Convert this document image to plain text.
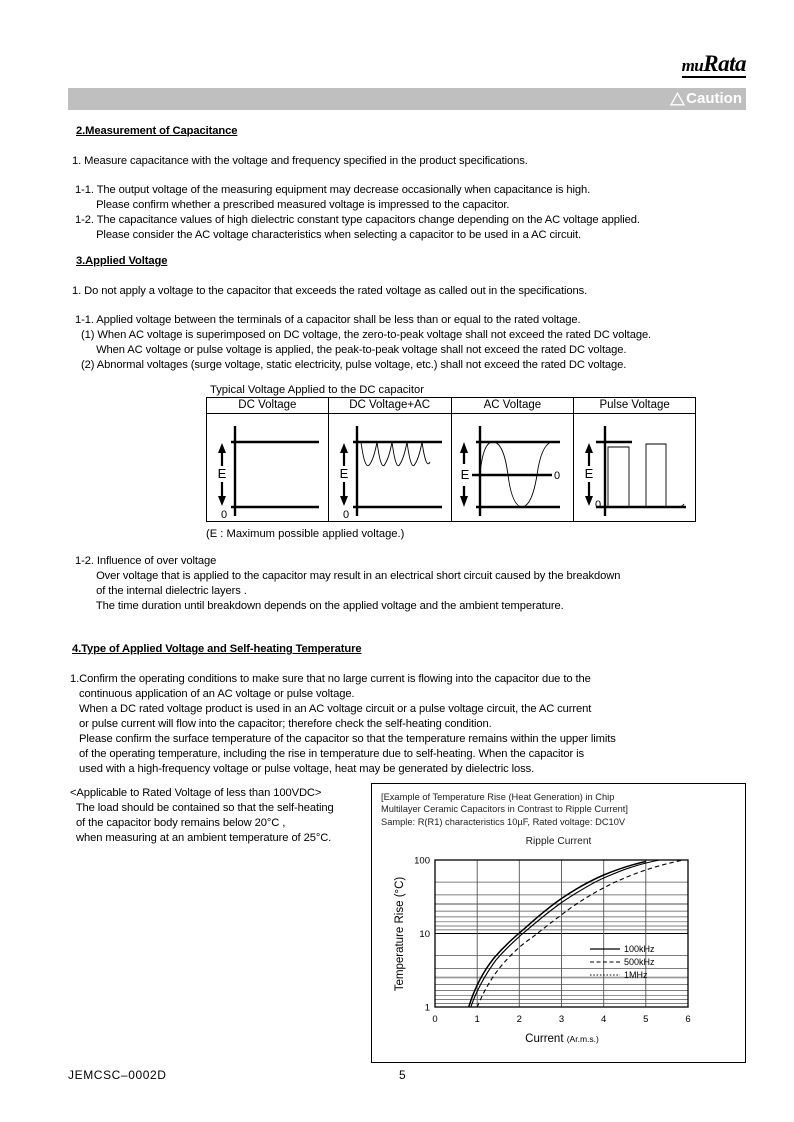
muRata
Caution
2.Measurement of Capacitance
1. Measure capacitance with the voltage and frequency specified in the product specifications.
1-1. The output voltage of the measuring equipment may decrease occasionally when capacitance is high.
Please confirm whether a prescribed measured voltage is impressed to the capacitor.
1-2. The capacitance values of high dielectric constant type capacitors change depending on the AC voltage applied.
Please consider the AC voltage characteristics when selecting a capacitor to be used in a AC circuit.
3.Applied Voltage
1. Do not apply a voltage to the capacitor that exceeds the rated voltage as called out in the specifications.
1-1. Applied voltage between the terminals of a capacitor shall be less than or equal to the rated voltage.
(1) When AC voltage is superimposed on DC voltage, the zero-to-peak voltage shall not exceed the rated DC voltage.
When AC voltage or pulse voltage is applied, the peak-to-peak voltage shall not exceed the rated DC voltage.
(2) Abnormal voltages (surge voltage, static electricity, pulse voltage, etc.) shall not exceed the rated DC voltage.
Typical Voltage Applied to the DC capacitor
DC Voltage	DC Voltage+AC	AC Voltage	Pulse Voltage

E
0	E
0	E 0	E
0
(E : Maximum possible applied voltage.)
1-2. Influence of over voltage
Over voltage that is applied to the capacitor may result in an electrical short circuit caused by the breakdown
of the internal dielectric layers .
The time duration until breakdown depends on the applied voltage and the ambient temperature.
4.Type of Applied Voltage and Self-heating Temperature
1.Confirm the operating conditions to make sure that no large current is flowing into the capacitor due to the
continuous application of an AC voltage or pulse voltage.
When a DC rated voltage product is used in an AC voltage circuit or a pulse voltage circuit, the AC current
or pulse current will flow into the capacitor; therefore check the self-heating condition.
Please confirm the surface temperature of the capacitor so that the temperature remains within the upper limits
of the operating temperature, including the rise in temperature due to self-heating. When the capacitor is
used with a high-frequency voltage or pulse voltage, heat may be generated by dielectric loss.
<Applicable to Rated Voltage of less than 100VDC>
The load should be contained so that the self-heating
of the capacitor body remains below 20°C ,
when measuring at an ambient temperature of 25°C.
[Example of Temperature Rise (Heat Generation) in Chip
Multilayer Ceramic Capacitors in Contrast to Ripple Current]
Sample: R(R1) characteristics 10µF, Rated voltage: DC10V
Ripple Current
100
10
1
0	1	2	3	4	5	6
Temperature Rise (°C)
Current (Ar.m.s.)
100kHz
500kHz
1MHz
JEMCSC–0002D	5
